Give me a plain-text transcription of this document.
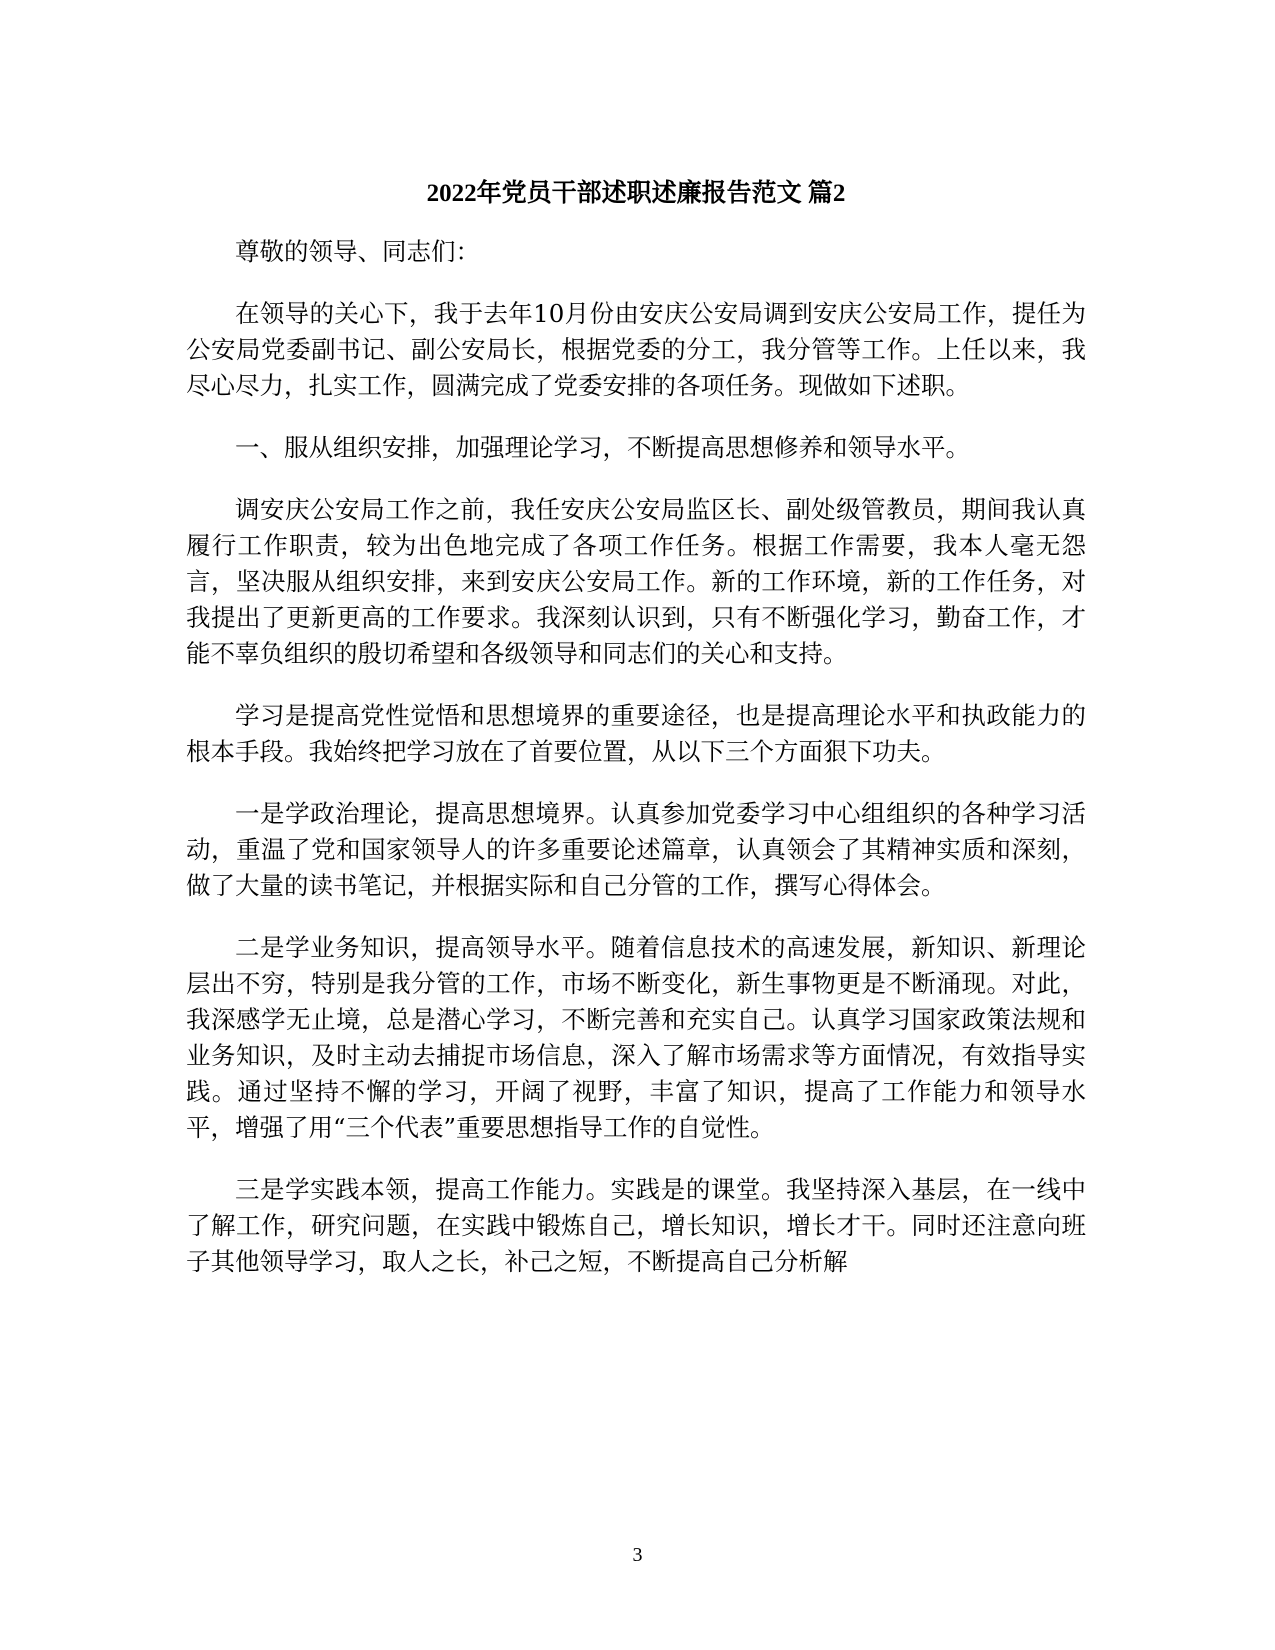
2022年党员干部述职述廉报告范文 篇2

尊敬的领导、同志们：

在领导的关心下，我于去年10月份由安庆公安局调到安庆公安局工作，提任为公安局党委副书记、副公安局长，根据党委的分工，我分管等工作。上任以来，我尽心尽力，扎实工作，圆满完成了党委安排的各项任务。现做如下述职。

一、服从组织安排，加强理论学习，不断提高思想修养和领导水平。

调安庆公安局工作之前，我任安庆公安局监区长、副处级管教员，期间我认真履行工作职责，较为出色地完成了各项工作任务。根据工作需要，我本人毫无怨言，坚决服从组织安排，来到安庆公安局工作。新的工作环境，新的工作任务，对我提出了更新更高的工作要求。我深刻认识到，只有不断强化学习，勤奋工作，才能不辜负组织的殷切希望和各级领导和同志们的关心和支持。

学习是提高党性觉悟和思想境界的重要途径，也是提高理论水平和执政能力的根本手段。我始终把学习放在了首要位置，从以下三个方面狠下功夫。

一是学政治理论，提高思想境界。认真参加党委学习中心组组织的各种学习活动，重温了党和国家领导人的许多重要论述篇章，认真领会了其精神实质和深刻，做了大量的读书笔记，并根据实际和自己分管的工作，撰写心得体会。

二是学业务知识，提高领导水平。随着信息技术的高速发展，新知识、新理论层出不穷，特别是我分管的工作，市场不断变化，新生事物更是不断涌现。对此，我深感学无止境，总是潜心学习，不断完善和充实自己。认真学习国家政策法规和业务知识，及时主动去捕捉市场信息，深入了解市场需求等方面情况，有效指导实践。通过坚持不懈的学习，开阔了视野，丰富了知识，提高了工作能力和领导水平，增强了用“三个代表”重要思想指导工作的自觉性。

三是学实践本领，提高工作能力。实践是的课堂。我坚持深入基层，在一线中了解工作，研究问题，在实践中锻炼自己，增长知识，增长才干。同时还注意向班子其他领导学习，取人之长，补己之短，不断提高自己分析解

3
